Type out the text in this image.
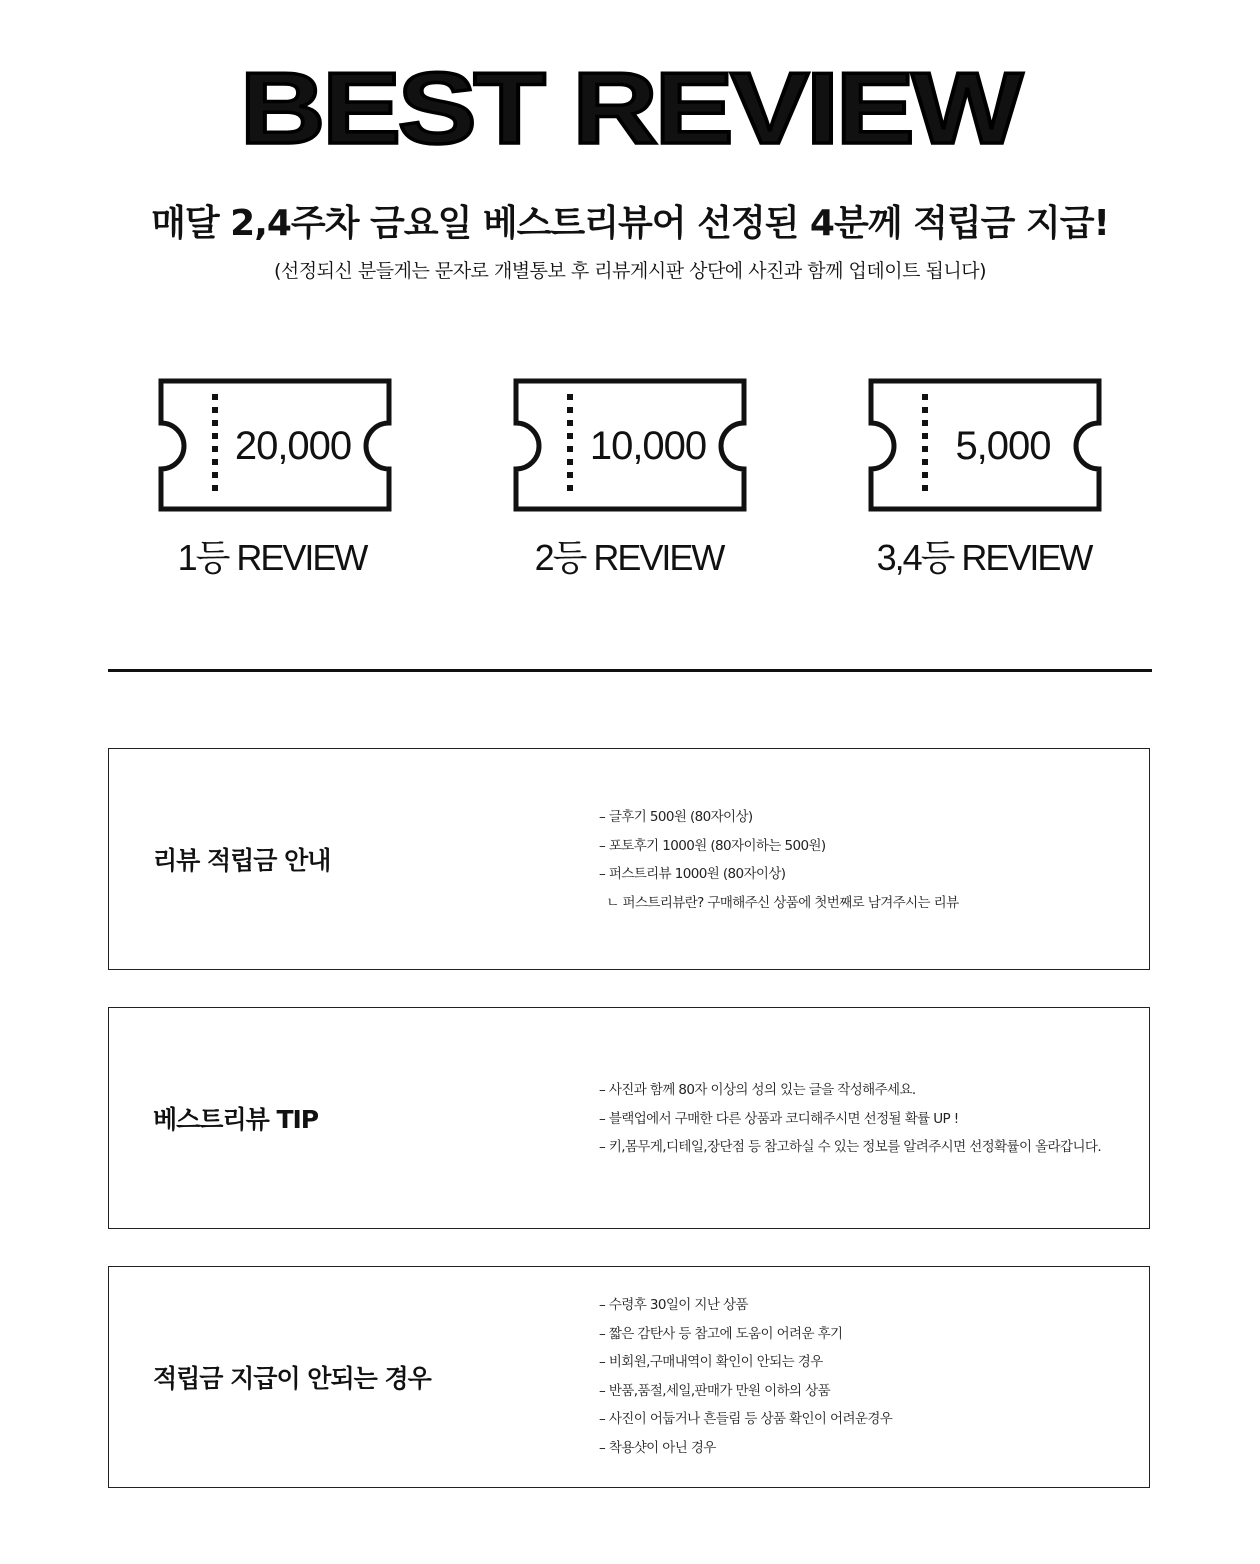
BEST REVIEW
매달 2,4주차 금요일 베스트리뷰어 선정된 4분께 적립금 지급!
(선정되신 분들게는 문자로 개별통보 후 리뷰게시판 상단에 사진과 함께 업데이트 됩니다)
20,000
1등 REVIEW
10,000
2등 REVIEW
5,000
3,4등 REVIEW
리뷰 적립금 안내
– 글후기 500원 (80자이상)
– 포토후기 1000원 (80자이하는 500원)
– 퍼스트리뷰 1000원 (80자이상)
ㄴ 퍼스트리뷰란? 구매해주신 상품에 첫번째로 남겨주시는 리뷰
베스트리뷰 TIP
– 사진과 함께 80자 이상의 성의 있는 글을 작성해주세요.
– 블랙업에서 구매한 다른 상품과 코디해주시면 선정될 확률 UP !
– 키,몸무게,디테일,장단점 등 참고하실 수 있는 정보를 알려주시면 선정확률이 올라갑니다.
적립금 지급이 안되는 경우
– 수령후 30일이 지난 상품
– 짧은 감탄사 등 참고에 도움이 어려운 후기
– 비회원,구매내역이 확인이 안되는 경우
– 반품,품절,세일,판매가 만원 이하의 상품
– 사진이 어둡거나 흔들림 등 상품 확인이 어려운경우
– 착용샷이 아닌 경우
